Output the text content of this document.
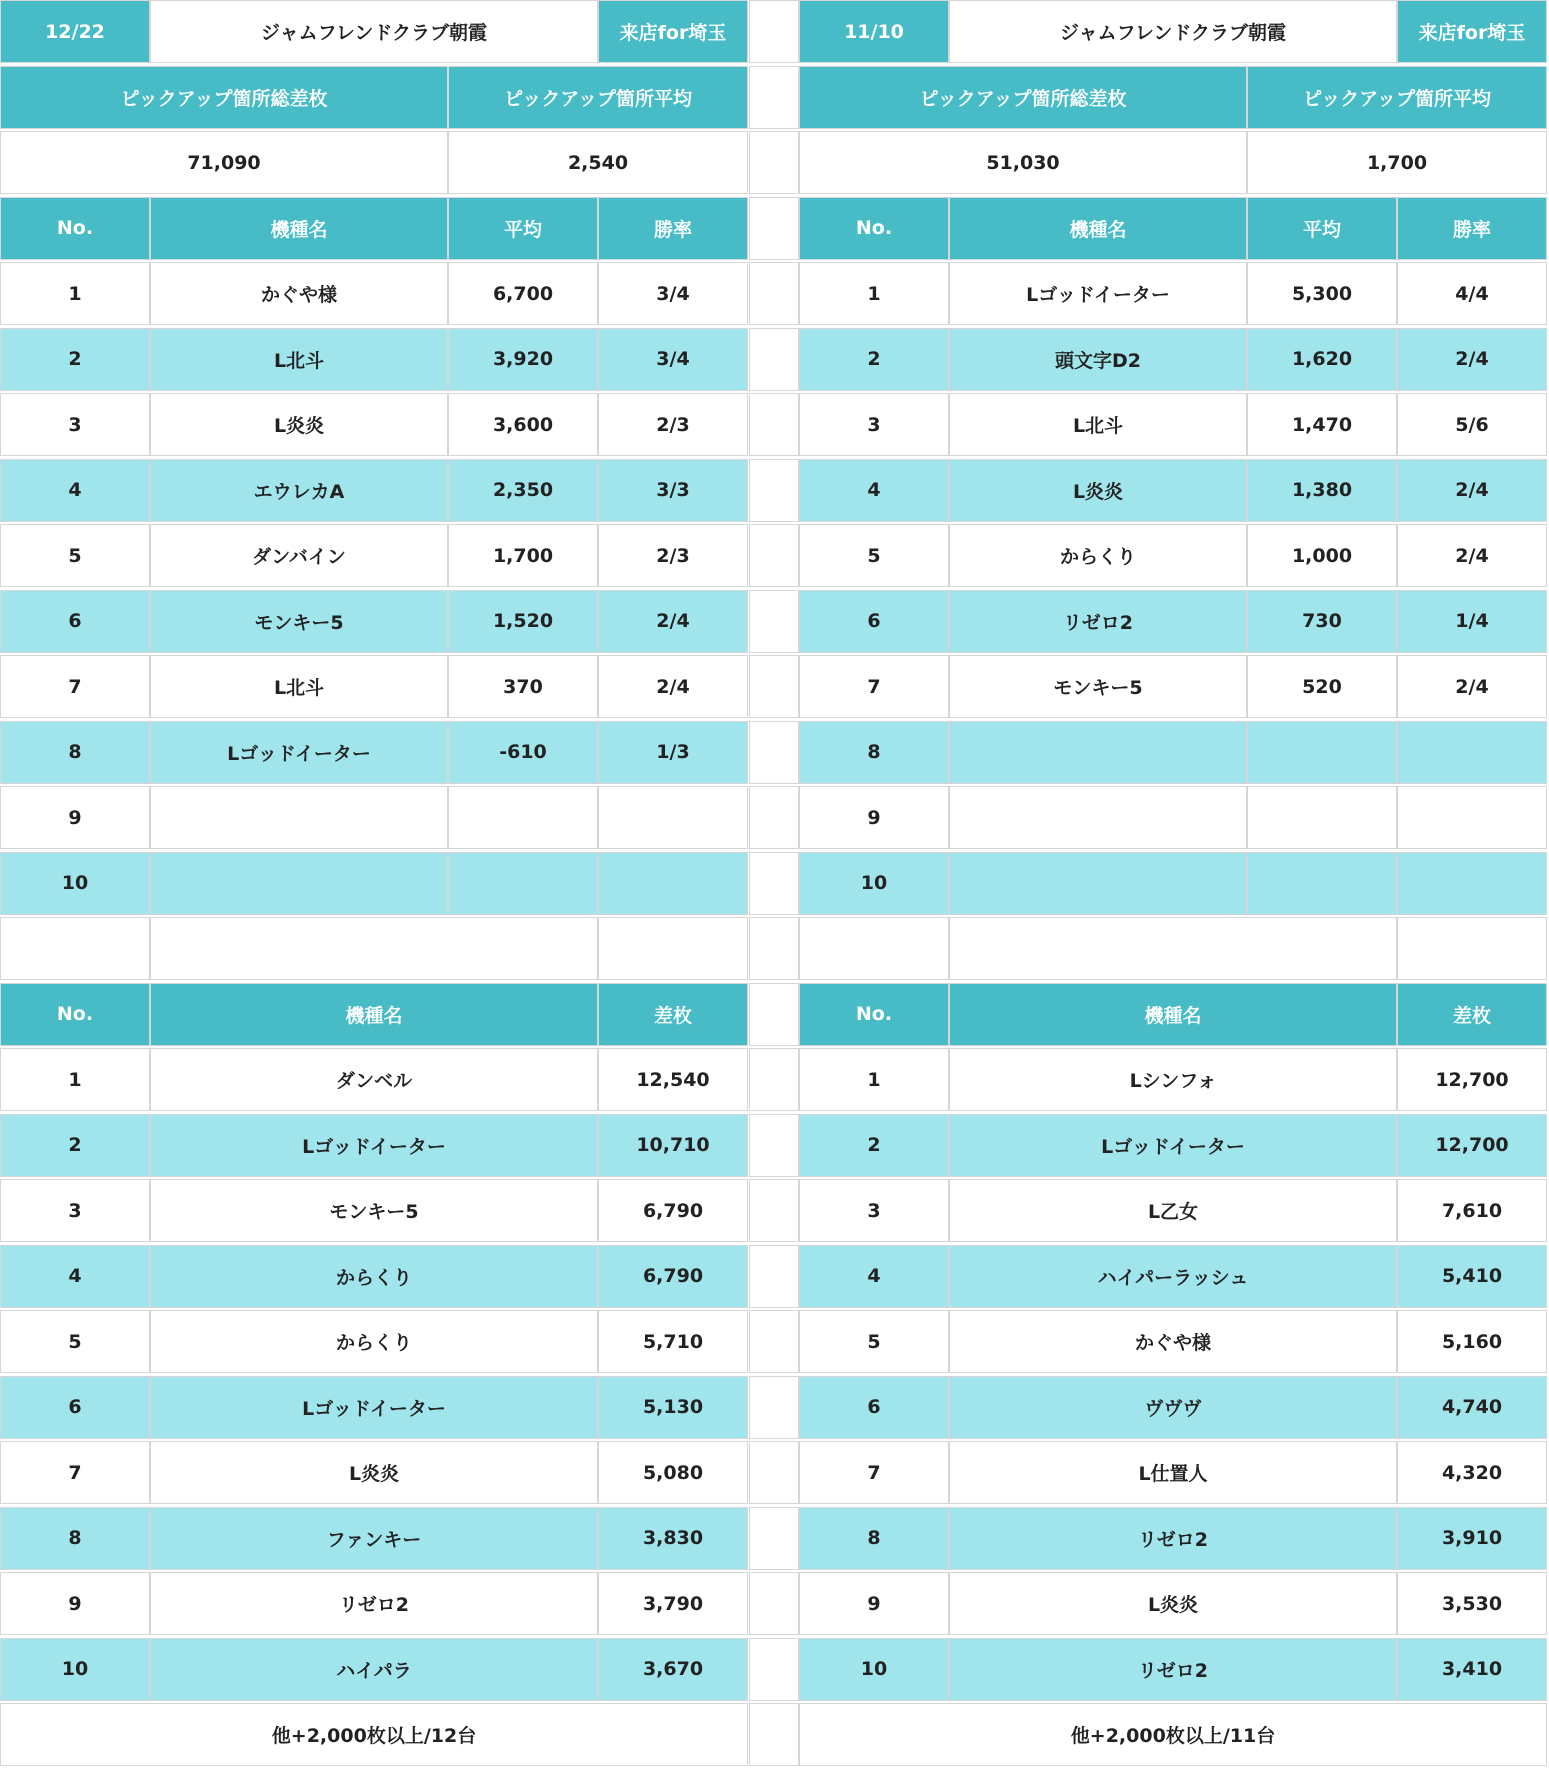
12/22	ジャムフレンドクラブ朝霞	来店for埼玉
ピックアップ箇所総差枚	ピックアップ箇所平均
71,090	2,540
No.	機種名	平均	勝率
1	かぐや様	6,700	3/4
2	L北斗	3,920	3/4
3	L炎炎	3,600	2/3
4	エウレカA	2,350	3/3
5	ダンバイン	1,700	2/3
6	モンキー5	1,520	2/4
7	L北斗	370	2/4
8	Lゴッドイーター	-610	1/3
9
10
No.	機種名	差枚
1	ダンベル	12,540
2	Lゴッドイーター	10,710
3	モンキー5	6,790
4	からくり	6,790
5	からくり	5,710
6	Lゴッドイーター	5,130
7	L炎炎	5,080
8	ファンキー	3,830
9	リゼロ2	3,790
10	ハイパラ	3,670
他+2,000枚以上/12台
11/10	ジャムフレンドクラブ朝霞	来店for埼玉
ピックアップ箇所総差枚	ピックアップ箇所平均
51,030	1,700
No.	機種名	平均	勝率
1	Lゴッドイーター	5,300	4/4
2	頭文字D2	1,620	2/4
3	L北斗	1,470	5/6
4	L炎炎	1,380	2/4
5	からくり	1,000	2/4
6	リゼロ2	730	1/4
7	モンキー5	520	2/4
8
9
10
No.	機種名	差枚
1	Lシンフォ	12,700
2	Lゴッドイーター	12,700
3	L乙女	7,610
4	ハイパーラッシュ	5,410
5	かぐや様	5,160
6	ヴヴヴ	4,740
7	L仕置人	4,320
8	リゼロ2	3,910
9	L炎炎	3,530
10	リゼロ2	3,410
他+2,000枚以上/11台
